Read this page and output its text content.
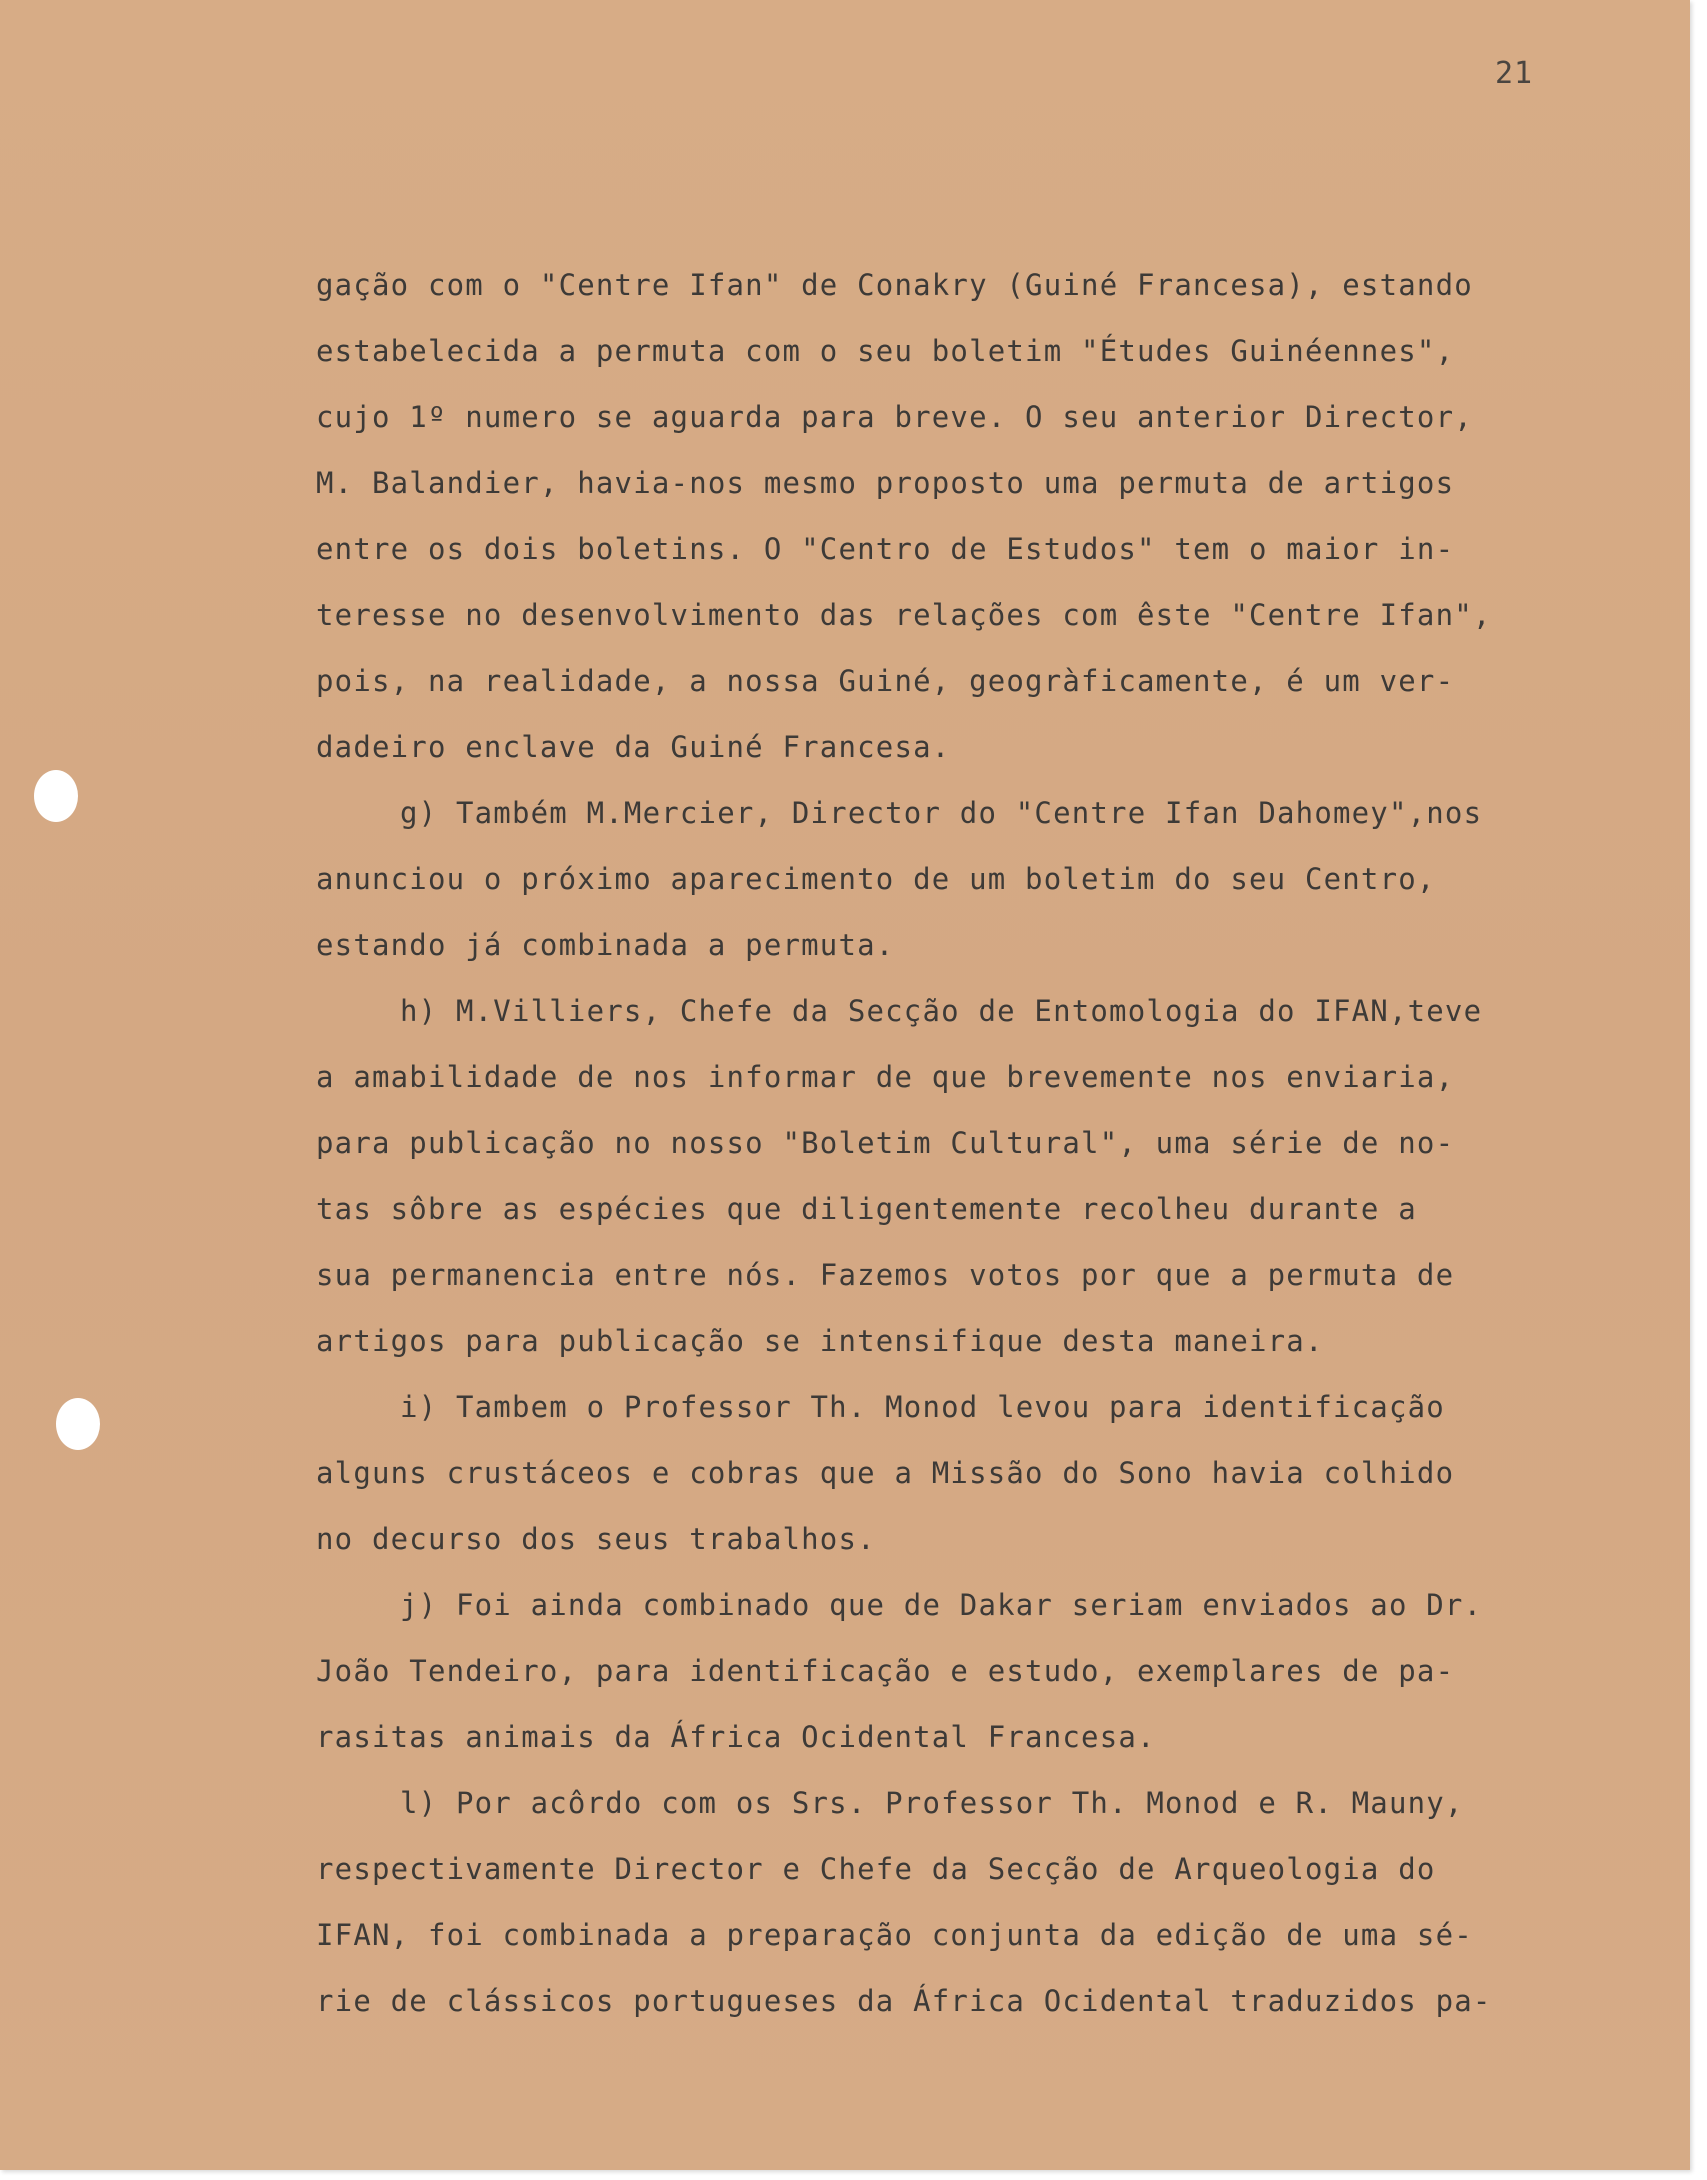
21
gação com o "Centre Ifan" de Conakry (Guiné Francesa), estando
estabelecida a permuta com o seu boletim "Études Guinéennes",
cujo 1º numero se aguarda para breve. O seu anterior Director,
M. Balandier, havia-nos mesmo proposto uma permuta de artigos
entre os dois boletins. O "Centro de Estudos" tem o maior in-
teresse no desenvolvimento das relações com êste "Centre Ifan",
pois, na realidade, a nossa Guiné, geogràficamente, é um ver-
dadeiro enclave da Guiné Francesa.
g) Também M.Mercier, Director do "Centre Ifan Dahomey",nos
anunciou o próximo aparecimento de um boletim do seu Centro,
estando já combinada a permuta.
h) M.Villiers, Chefe da Secção de Entomologia do IFAN,teve
a amabilidade de nos informar de que brevemente nos enviaria,
para publicação no nosso "Boletim Cultural", uma série de no-
tas sôbre as espécies que diligentemente recolheu durante a
sua permanencia entre nós. Fazemos votos por que a permuta de
artigos para publicação se intensifique desta maneira.
i) Tambem o Professor Th. Monod levou para identificação
alguns crustáceos e cobras que a Missão do Sono havia colhido
no decurso dos seus trabalhos.
j) Foi ainda combinado que de Dakar seriam enviados ao Dr.
João Tendeiro, para identificação e estudo, exemplares de pa-
rasitas animais da África Ocidental Francesa.
l) Por acôrdo com os Srs. Professor Th. Monod e R. Mauny,
respectivamente Director e Chefe da Secção de Arqueologia do
IFAN, foi combinada a preparação conjunta da edição de uma sé-
rie de clássicos portugueses da África Ocidental traduzidos pa-
